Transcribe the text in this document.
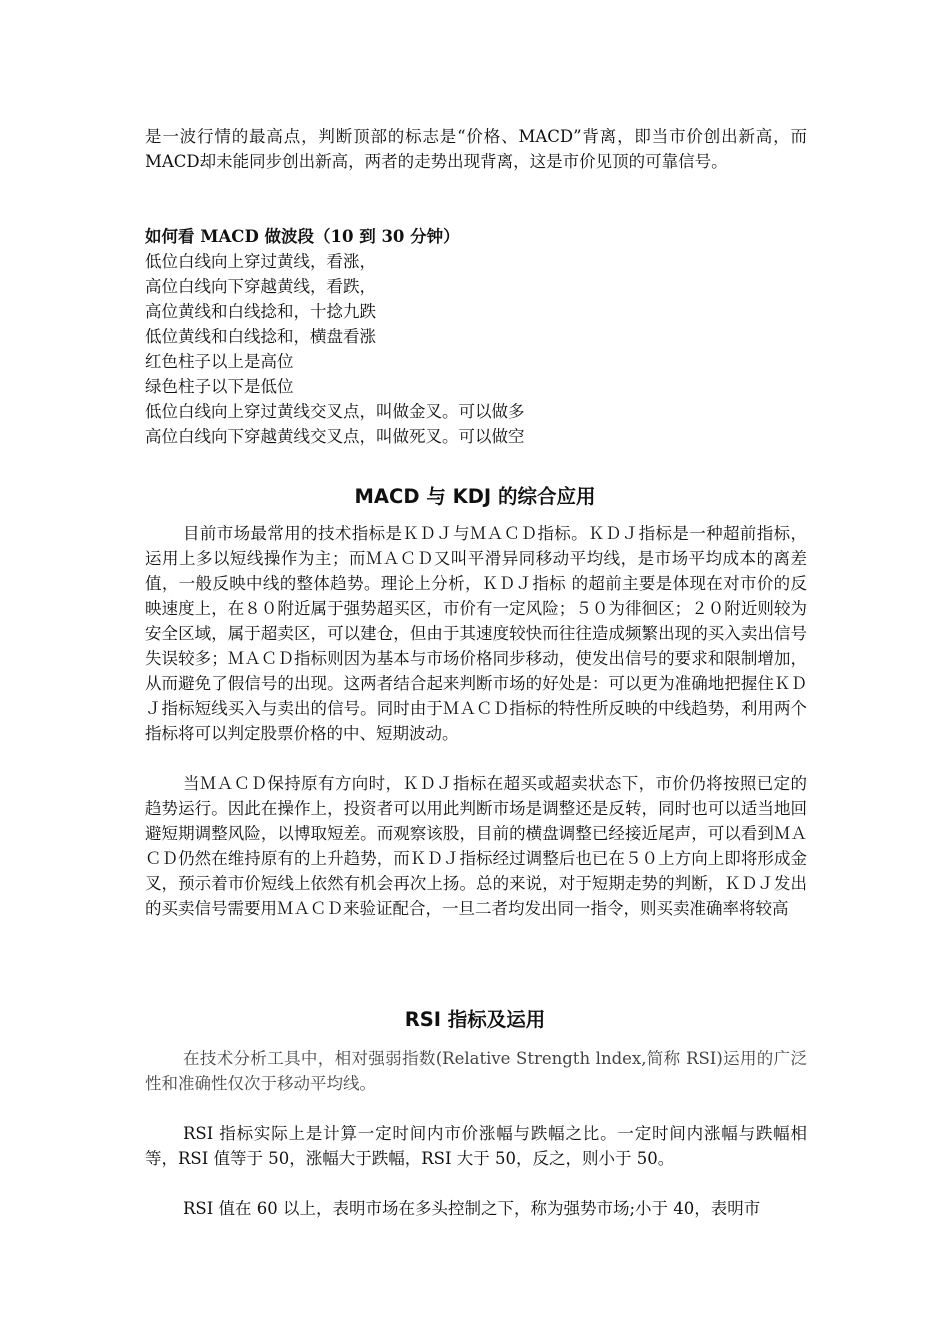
是一波行情的最高点，判断顶部的标志是“价格、MACD”背离，即当市价创出新高，而MACD却未能同步创出新高，两者的走势出现背离，这是市价见顶的可靠信号。

如何看 MACD 做波段（10 到 30 分钟）

低位白线向上穿过黄线，看涨，

高位白线向下穿越黄线，看跌，

高位黄线和白线捻和，十捻九跌

低位黄线和白线捻和，横盘看涨

红色柱子以上是高位

绿色柱子以下是低位

低位白线向上穿过黄线交叉点，叫做金叉。可以做多

高位白线向下穿越黄线交叉点，叫做死叉。可以做空

MACD 与 KDJ 的综合应用

目前市场最常用的技术指标是ＫＤＪ与ＭＡＣＤ指标。ＫＤＪ指标是一种超前指标，运用上多以短线操作为主；而ＭＡＣＤ又叫平滑异同移动平均线，是市场平均成本的离差值，一般反映中线的整体趋势。理论上分析，ＫＤＪ指标 的超前主要是体现在对市价的反映速度上，在８０附近属于强势超买区，市价有一定风险；５０为徘徊区；２０附近则较为安全区域，属于超卖区，可以建仓，但由于其速度较快而往往造成频繁出现的买入卖出信号失误较多；ＭＡＣＤ指标则因为基本与市场价格同步移动，使发出信号的要求和限制增加，从而避免了假信号的出现。这两者结合起来判断市场的好处是：可以更为准确地把握住ＫＤＪ指标短线买入与卖出的信号。同时由于ＭＡＣＤ指标的特性所反映的中线趋势，利用两个指标将可以判定股票价格的中、短期波动。

当ＭＡＣＤ保持原有方向时，ＫＤＪ指标在超买或超卖状态下，市价仍将按照已定的趋势运行。因此在操作上，投资者可以用此判断市场是调整还是反转，同时也可以适当地回避短期调整风险，以博取短差。而观察该股，目前的横盘调整已经接近尾声，可以看到ＭＡＣＤ仍然在维持原有的上升趋势，而ＫＤＪ指标经过调整后也已在５０上方向上即将形成金叉，预示着市价短线上依然有机会再次上扬。总的来说，对于短期走势的判断，ＫＤＪ发出的买卖信号需要用ＭＡＣＤ来验证配合，一旦二者均发出同一指令，则买卖准确率将较高

RSI 指标及运用

在技术分析工具中，相对强弱指数(Relative Strength lndex,简称 RSI)运用的广泛性和准确性仅次于移动平均线。

RSI 指标实际上是计算一定时间内市价涨幅与跌幅之比。一定时间内涨幅与跌幅相等，RSI 值等于 50，涨幅大于跌幅，RSI 大于 50，反之，则小于 50。

RSI 值在 60 以上，表明市场在多头控制之下，称为强势市场;小于 40，表明市
